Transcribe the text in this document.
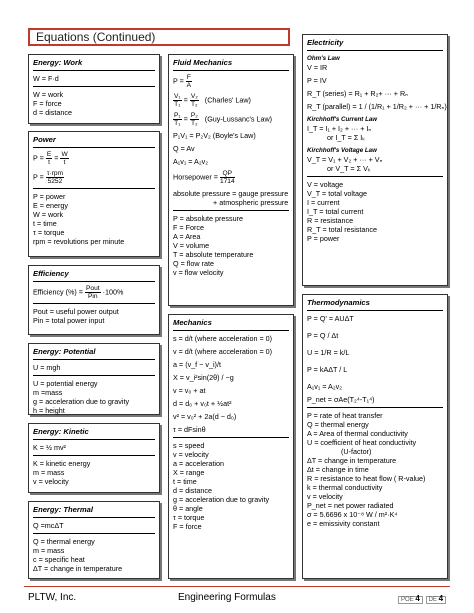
Equations (Continued)
Energy: Work
W = F·d
W = work
F = force
d = distance
Power
$P = \frac{E}{t} = \frac{W}{t}$
P = τ·rpm
5252
P = power
E = energy
W = work
t = time
τ = torque
rpm = revolutions per minute
Efficiency
Efficiency (%) = Pout
Pin
·100%
Pout = useful power output
Pin = total power input
Energy: Potential
U = mgh
U = potential energy
m =mass
g = acceleration due to gravity
h = height
Energy: Kinetic
K = ½ mv²
K = kinetic energy
m = mass
v = velocity
Energy: Thermal
Q =mcΔT
Q = thermal energy
m = mass
c = specific heat
ΔT = change in temperature
Fluid Mechanics
$P = \frac{F}{A}$
$\frac{\text{V₁}}{\text{T₁}} = \frac{\text{V₂}}{\text{T₂}}$ (Charles' Law)
$\frac{\text{P₁}}{\text{T₁}} = \frac{\text{P₂}}{\text{T₂}}$ (Guy-Lussanc's Law)
P₁V₁ = P₂V₂ (Boyle's Law)
Q = Av
A₁v₁ = A₂v₂
Horsepower = $\frac{QP}{1714}$
absolute pressure = gauge pressure
+ atmospheric pressure
P = absolute pressure
F = Force
A = Area
V = volume
T = absolute temperature
Q = flow rate
v = flow velocity
Mechanics
s = d/t (where acceleration = 0)
v = d/t (where acceleration = 0)
a = (v_f − v_i)/t
X = v_i²sin(2θ) / −g
v = v₀ + at
d = d₀ + v₀t + ½at²
v² = v₀² + 2a(d − d₀)
τ = dFsinθ
s = speed
v = velocity
a = acceleration
X = range
t = time
d = distance
g = acceleration due to gravity
θ = angle
τ = torque
F = force
Electricity
Ohm's Law
V = IR
P = IV
R_T (series) = R₁ + R₂+ ··· + Rₙ
R_T (parallel) = 1 / (1/R₁ + 1/R₂ + ··· + 1/Rₙ)
Kirchhoff's Current Law
I_T = I₁ + I₂ + ··· + Iₙ
or I_T = Σ Iₖ
Kirchhoff's Voltage Law
V_T = V₁ + V₂ + ··· + Vₙ
or V_T = Σ Vₖ
V = voltage
V_T = total voltage
I = current
I_T = total current
R = resistance
R_T = total resistance
P = power
Thermodynamics
P = Q' = AUΔT
P = Q / Δt
U = 1/R = k/L
P = kAΔT / L
A₁v₁ = A₂v₂
P_net = σAe(T₂⁴-T₁⁴)
P = rate of heat transfer
Q = thermal energy
A = Area of thermal conductivity
U = coefficient of heat conductivity
(U-factor)
ΔT = change in temperature
Δt = change in time
R = resistance to heat flow ( R-value)
k = thermal conductivity
v = velocity
P_net = net power radiated
σ = 5.6696 x 10⁻⁸ W / m²·K⁴
e = emissivity constant
PLTW, Inc.	Engineering Formulas	POE 4 DE 4
